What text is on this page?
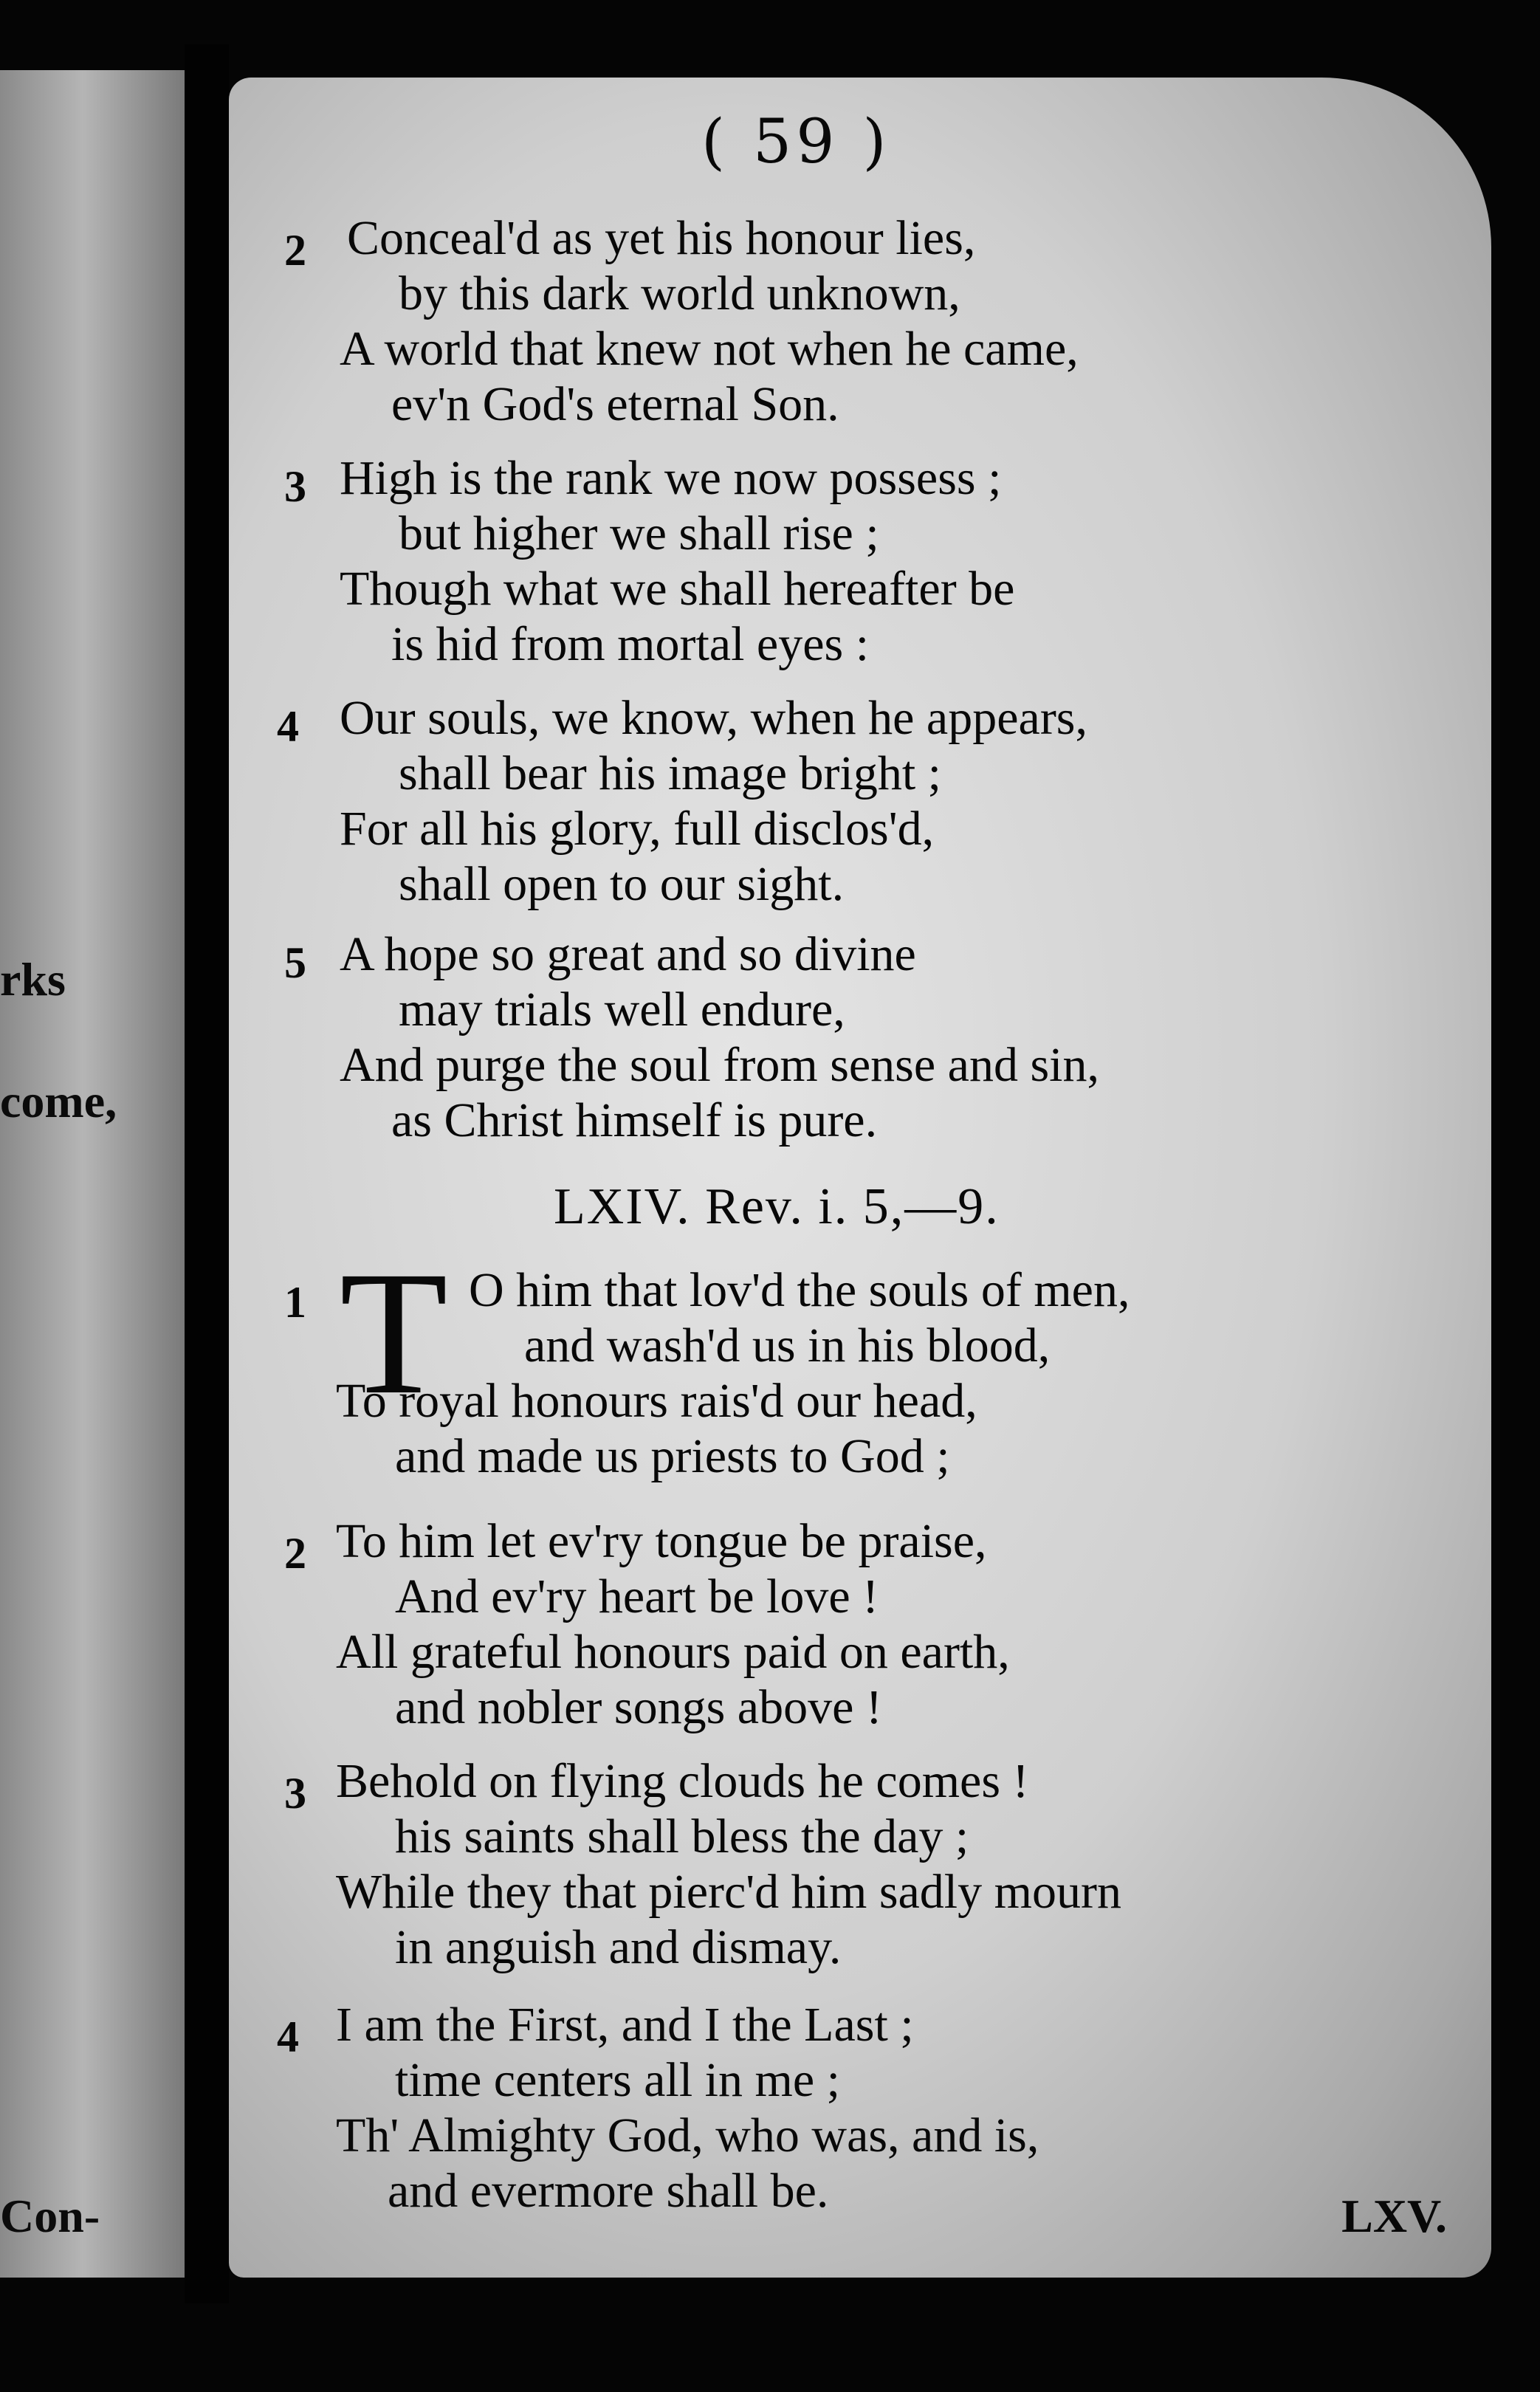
rks
come,
Con-
( 59 )
2 Conceal'd as yet his honour lies,
by this dark world unknown,
A world that knew not when he came,
ev'n God's eternal Son.
3 High is the rank we now possess ;
but higher we shall rise ;
Though what we shall hereafter be
is hid from mortal eyes :
4 Our souls, we know, when he appears,
shall bear his image bright ;
For all his glory, full disclos'd,
shall open to our sight.
5 A hope so great and so divine
may trials well endure,
And purge the soul from sense and sin,
as Christ himself is pure.
LXIV. Rev. i. 5,—9.
1 T O him that lov'd the souls of men,
and wash'd us in his blood,
To royal honours rais'd our head,
and made us priests to God ;
2 To him let ev'ry tongue be praise,
And ev'ry heart be love !
All grateful honours paid on earth,
and nobler songs above !
3 Behold on flying clouds he comes !
his saints shall bless the day ;
While they that pierc'd him sadly mourn
in anguish and dismay.
4 I am the First, and I the Last ;
time centers all in me ;
Th' Almighty God, who was, and is,
and evermore shall be.	LXV.
